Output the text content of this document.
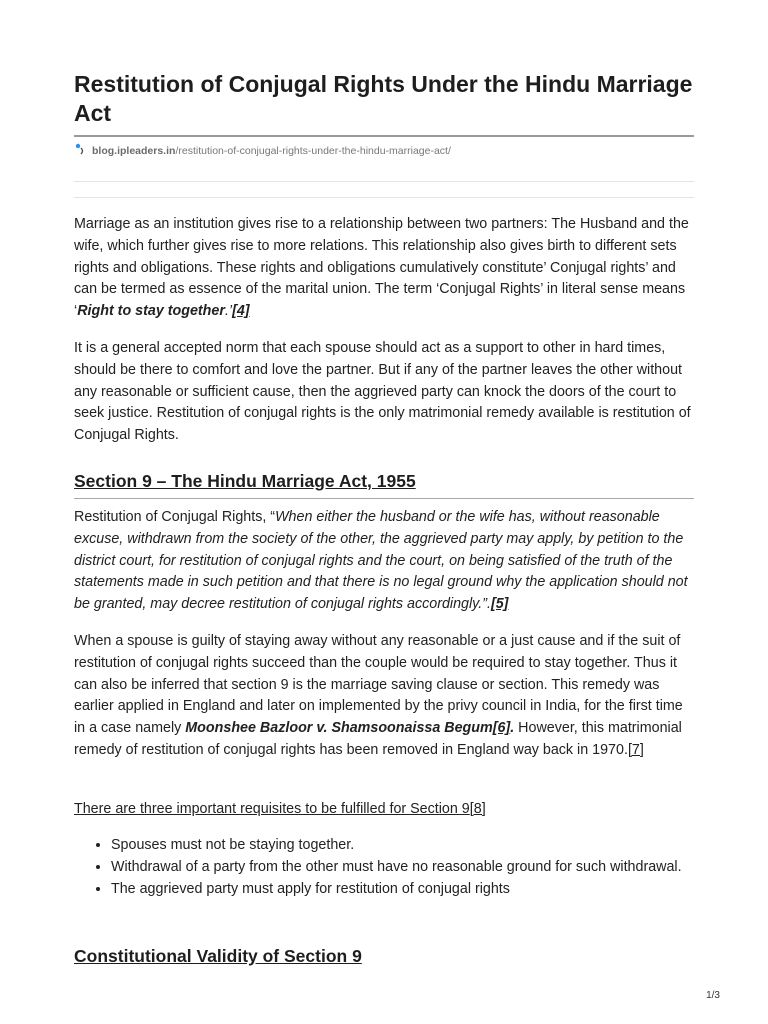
Restitution of Conjugal Rights Under the Hindu Marriage Act
blog.ipleaders.in/restitution-of-conjugal-rights-under-the-hindu-marriage-act/

Marriage as an institution gives rise to a relationship between two partners: The Husband and the wife, which further gives rise to more relations. This relationship also gives birth to different sets rights and obligations. These rights and obligations cumulatively constitute’ Conjugal rights’ and can be termed as essence of the marital union. The term ‘Conjugal Rights’ in literal sense means ‘Right to stay together.’[4]

It is a general accepted norm that each spouse should act as a support to other in hard times, should be there to comfort and love the partner. But if any of the partner leaves the other without any reasonable or sufficient cause, then the aggrieved party can knock the doors of the court to seek justice. Restitution of conjugal rights is the only matrimonial remedy available is restitution of Conjugal Rights.

Section 9 – The Hindu Marriage Act, 1955

Restitution of Conjugal Rights, “When either the husband or the wife has, without reasonable excuse, withdrawn from the society of the other, the aggrieved party may apply, by petition to the district court, for restitution of conjugal rights and the court, on being satisfied of the truth of the statements made in such petition and that there is no legal ground why the application should not be granted, may decree restitution of conjugal rights accordingly.”.[5]

When a spouse is guilty of staying away without any reasonable or a just cause and if the suit of restitution of conjugal rights succeed than the couple would be required to stay together. Thus it can also be inferred that section 9 is the marriage saving clause or section. This remedy was earlier applied in England and later on implemented by the privy council in India, for the first time in a case namely Moonshee Bazloor v. Shamsoonaissa Begum[6]. However, this matrimonial remedy of restitution of conjugal rights has been removed in England way back in 1970.[7]

There are three important requisites to be fulfilled for Section 9[8]

• Spouses must not be staying together.
• Withdrawal of a party from the other must have no reasonable ground for such withdrawal.
• The aggrieved party must apply for restitution of conjugal rights
Constitutional Validity of Section 9
1/3
